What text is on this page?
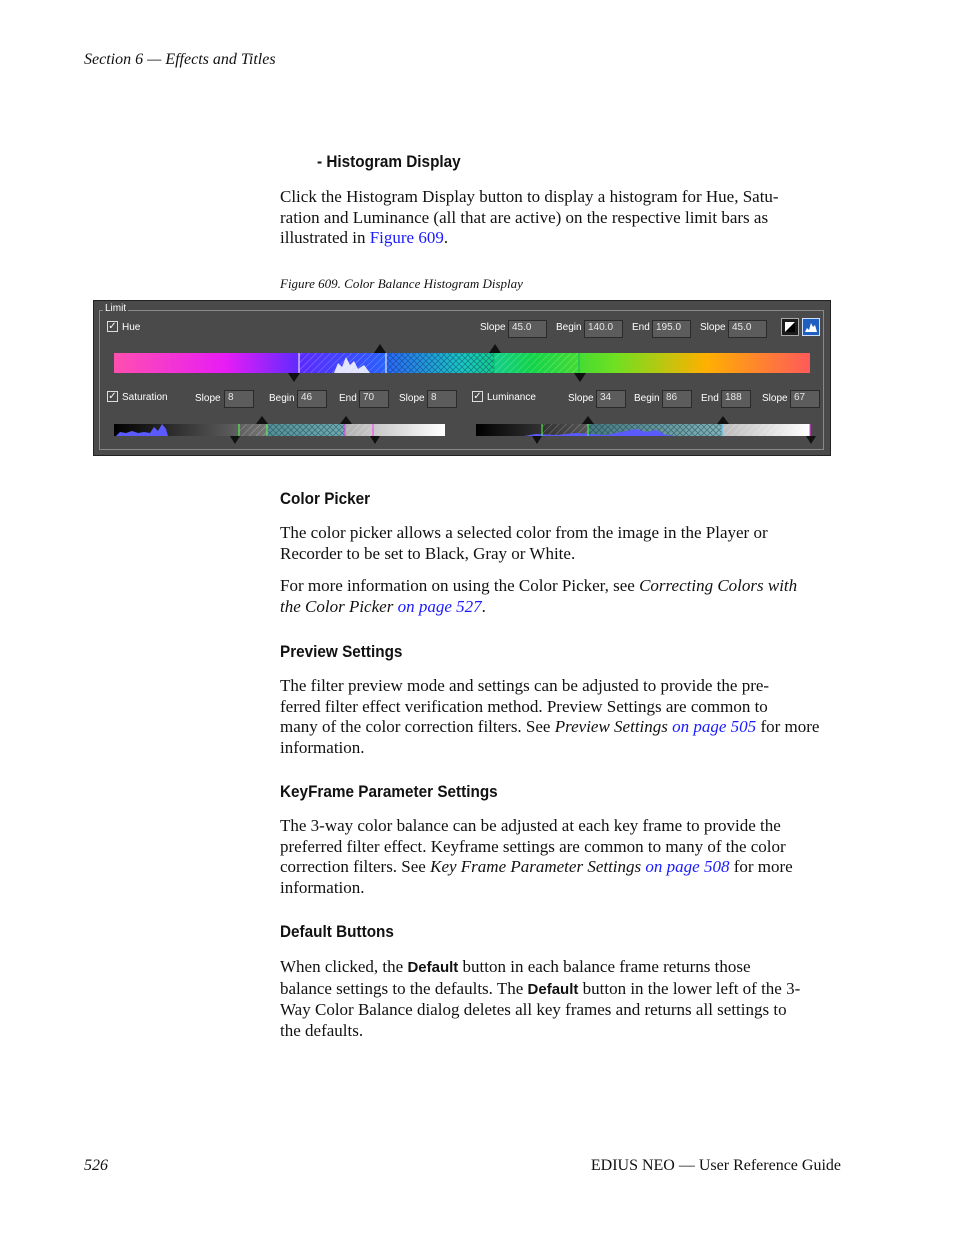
Section 6 — Effects and Titles
- Histogram Display
Click the Histogram Display button to display a histogram for Hue, Satu-
ration and Luminance (all that are active) on the respective limit bars as
illustrated in Figure 609.
Figure 609. Color Balance Histogram Display
Limit
✓ Hue	Slope 45.0	Begin 140.0	End 195.0	Slope 45.0
✓ Saturation	Slope 8	Begin 46	End 70	Slope 8	✓ Luminance	Slope 34	Begin 86	End 188	Slope 67
Color Picker
The color picker allows a selected color from the image in the Player or
Recorder to be set to Black, Gray or White.
For more information on using the Color Picker, see Correcting Colors with
the Color Picker on page 527.
Preview Settings
The filter preview mode and settings can be adjusted to provide the pre-
ferred filter effect verification method. Preview Settings are common to
many of the color correction filters. See Preview Settings on page 505 for more
information.
KeyFrame Parameter Settings
The 3-way color balance can be adjusted at each key frame to provide the
preferred filter effect. Keyframe settings are common to many of the color
correction filters. See Key Frame Parameter Settings on page 508 for more
information.
Default Buttons
When clicked, the Default button in each balance frame returns those
balance settings to the defaults. The Default button in the lower left of the 3-
Way Color Balance dialog deletes all key frames and returns all settings to
the defaults.
526	EDIUS NEO — User Reference Guide
